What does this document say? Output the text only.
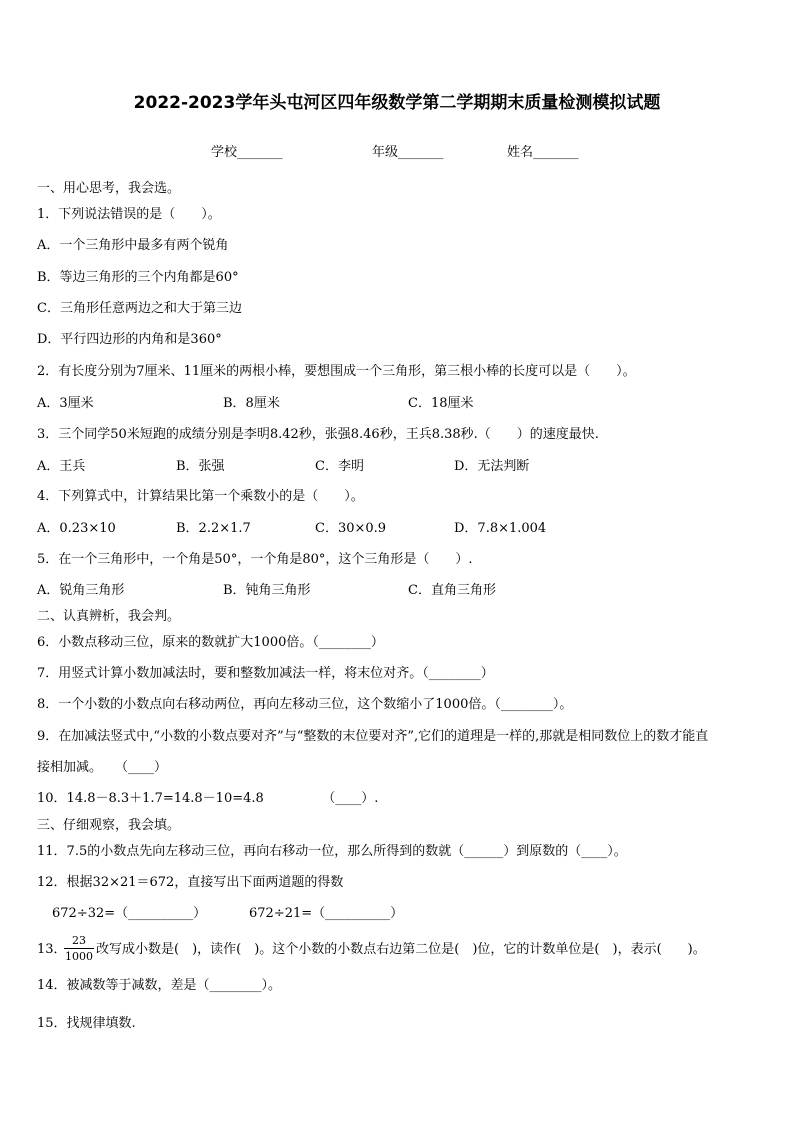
2022-2023学年头屯河区四年级数学第二学期期末质量检测模拟试题
学校_______	年级_______	姓名_______
一、用心思考，我会选。
1．下列说法错误的是（　　）。
A．一个三角形中最多有两个锐角
B．等边三角形的三个内角都是60°
C．三角形任意两边之和大于第三边
D．平行四边形的内角和是360°
2．有长度分别为7厘米、11厘米的两根小棒，要想围成一个三角形，第三根小棒的长度可以是（　　）。
A．3厘米	B．8厘米	C．18厘米
3．三个同学50米短跑的成绩分别是李明8.42秒，张强8.46秒，王兵8.38秒.（　　）的速度最快.
A．王兵	B．张强	C．李明	D．无法判断
4．下列算式中，计算结果比第一个乘数小的是（　　）。
A．0.23×10	B．2.2×1.7	C．30×0.9	D．7.8×1.004
5．在一个三角形中，一个角是50°，一个角是80°，这个三角形是（　　）.
A．锐角三角形	B．钝角三角形	C．直角三角形
二、认真辨析，我会判。
6．小数点移动三位，原来的数就扩大1000倍。（________）
7．用竖式计算小数加减法时，要和整数加减法一样，将末位对齐。（________）
8．一个小数的小数点向右移动两位，再向左移动三位，这个数缩小了1000倍。（________）。
9．在加减法竖式中,“小数的小数点要对齐”与“整数的末位要对齐”,它们的道理是一样的,那就是相同数位上的数才能直
接相加减。　　（____）
10．14.8－8.3＋1.7=14.8－10=4.8　　　　　（____）.
三、仔细观察，我会填。
11．7.5的小数点先向左移动三位，再向右移动一位，那么所得到的数就（______）到原数的（____）。
12．根据32×21＝672，直接写出下面两道题的得数
672÷32=（__________）	672÷21=（__________）
13．
23
1000 改写成小数是(　)，读作(　)。这个小数的小数点右边第二位是(　)位，它的计数单位是(　)，表示(　　)。
14．被减数等于减数，差是（________）。
15．找规律填数.
